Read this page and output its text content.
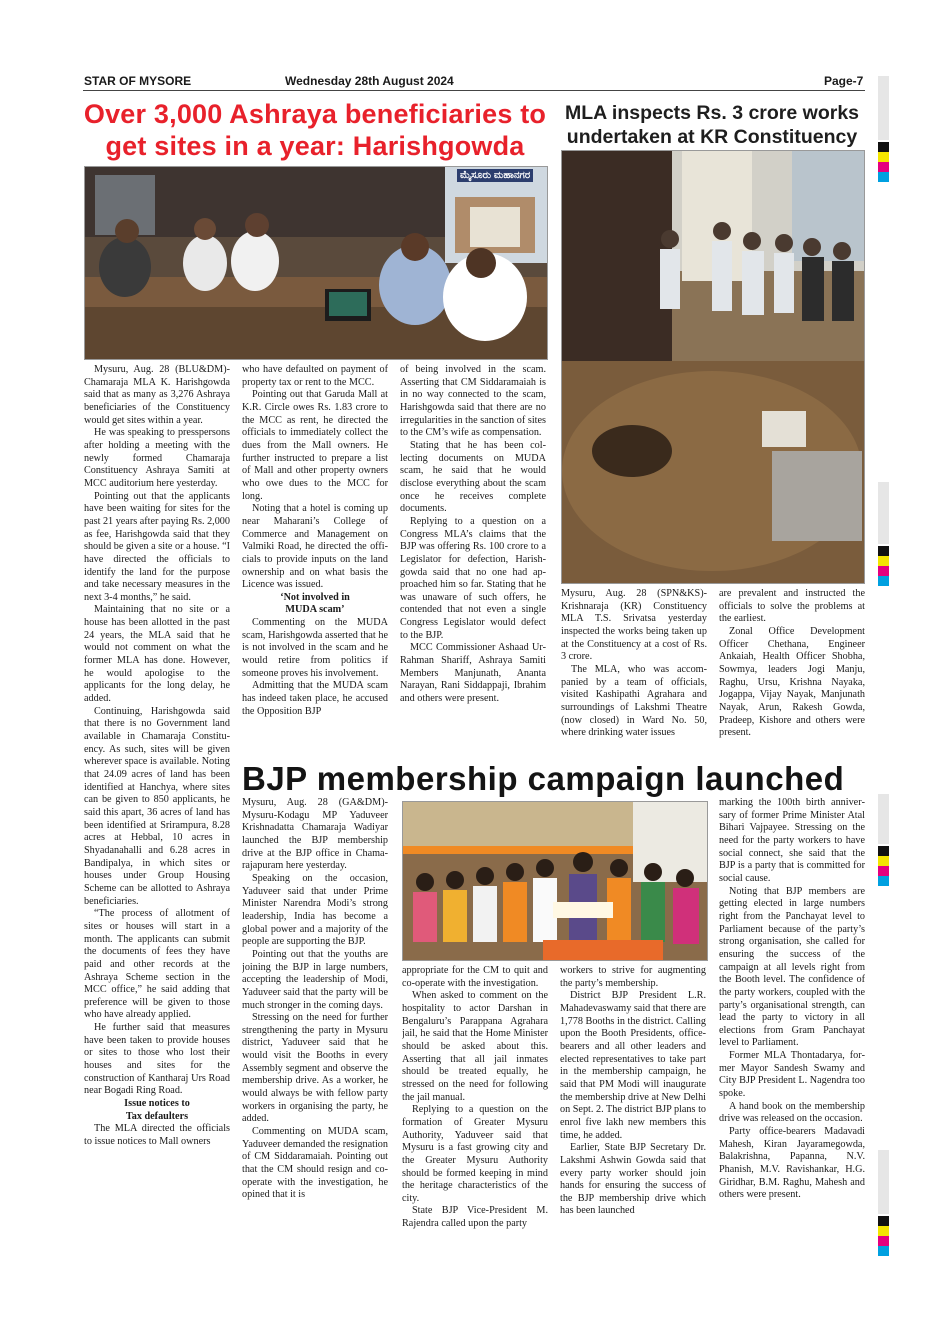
STAR OF MYSORE	Wednesday 28th August 2024	Page-7
Over 3,000 Ashraya beneficiaries to get sites in a year: Harishgowda
ಮೈಸೂರು ಮಹಾನಗರ

Mysuru, Aug. 28 (BLU&DM)- Chamaraja MLA K. Harishgowda said that as many as 3,276 Ashraya beneficiaries of the Constituency would get sites within a year.

He was speaking to presspersons after holding a meeting with the newly formed Chamaraja Constituency Ashraya Samiti at MCC auditorium here yesterday.

Pointing out that the applicants have been waiting for sites for the past 21 years after paying Rs. 2,000 as fee, Harishgowda said that they should be given a site or a house. “I have directed the officials to identify the land for the purpose and take necessary measures in the next 3-4 months,” he said.

Maintaining that no site or a house has been allotted in the past 24 years, the MLA said that he would not comment on what the former MLA has done. However, he would apologise to the applicants for the long delay, he added.

Continuing, Harishgowda said that there is no Government land available in Chamaraja Constituency. As such, sites will be given wherever space is available. Noting that 24.09 acres of land has been identified at Hanchya, where sites can be given to 850 applicants, he said this apart, 36 acres of land has been identified at Srirampura, 8.28 acres at Hebbal, 10 acres in Shyadanahalli and 6.28 acres in Bandipalya, in which sites or houses under Group Housing Scheme can be allotted to Ashraya beneficiaries.

“The process of allotment of sites or houses will start in a month. The applicants can submit the documents of fees they have paid and other records at the Ashraya Scheme section in the MCC office,” he said adding that preference will be given to those who have already applied.

He further said that measures have been taken to provide houses or sites to those who lost their houses and sites for the construction of Kantharaj Urs Road near Bogadi Ring Road.

Issue notices to

Tax defaulters

The MLA directed the officials to issue notices to Mall owners

who have defaulted on payment of property tax or rent to the MCC.

Pointing out that Garuda Mall at K.R. Circle owes Rs. 1.83 crore to the MCC as rent, he directed the officials to immediately collect the dues from the Mall owners. He further instructed to prepare a list of Mall and other property owners who owe dues to the MCC for long.

Noting that a hotel is coming up near Maharani’s College of Commerce and Management on Valmiki Road, he directed the officials to provide inputs on the land ownership and on what basis the Licence was issued.

‘Not involved in

MUDA scam’

Commenting on the MUDA scam, Harishgowda asserted that he is not involved in the scam and he would retire from politics if someone proves his involvement.

Admitting that the MUDA scam has indeed taken place, he accused the Opposition BJP

of being involved in the scam. Asserting that CM Siddaramaiah is in no way connected to the scam, Harishgowda said that there are no irregularities in the sanction of sites to the CM’s wife as compensation.

Stating that he has been collecting documents on MUDA scam, he said that he would disclose everything about the scam once he receives complete documents.

Replying to a question on a Congress MLA’s claims that the BJP was offering Rs. 100 crore to a Legislator for defection, Harishgowda said that no one had approached him so far. Stating that he was unaware of such offers, he contended that not even a single Congress Legislator would defect to the BJP.

MCC Commissioner Ashaad Ur-Rahman Shariff, Ashraya Samiti Members Manjunath, Ananta Narayan, Rani Siddappaji, Ibrahim and others were present.

MLA inspects Rs. 3 crore works undertaken at KR Constituency

Mysuru, Aug. 28 (SPN&KS)- Krishnaraja (KR) Constituency MLA T.S. Srivatsa yesterday inspected the works being taken up at the Constituency at a cost of Rs. 3 crore.

The MLA, who was accompanied by a team of officials, visited Kashipathi Agrahara and surroundings of Lakshmi Theatre (now closed) in Ward No. 50, where drinking water issues

are prevalent and instructed the officials to solve the problems at the earliest.

Zonal Office Development Officer Chethana, Engineer Ankaiah, Health Officer Shobha, Sowmya, leaders Jogi Manju, Raghu, Ursu, Krishna Nayaka, Jogappa, Vijay Nayak, Manjunath Nayak, Arun, Rakesh Gowda, Pradeep, Kishore and others were present.

BJP membership campaign launched

Mysuru, Aug. 28 (GA&DM)- Mysuru-Kodagu MP Yaduveer Krishnadatta Chamaraja Wadiyar launched the BJP membership drive at the BJP office in Chamarajapuram here yesterday.

Speaking on the occasion, Yaduveer said that under Prime Minister Narendra Modi’s strong leadership, India has become a global power and a majority of the people are supporting the BJP.

Pointing out that the youths are joining the BJP in large numbers, accepting the leadership of Modi, Yaduveer said that the party will be much stronger in the coming days.

Stressing on the need for further strengthening the party in Mysuru district, Yaduveer said that he would visit the Booths in every Assembly segment and observe the membership drive. As a worker, he would always be with fellow party workers in organising the party, he added.

Commenting on MUDA scam, Yaduveer demanded the resignation of CM Siddaramaiah. Pointing out that the CM should resign and co-operate with the investigation, he opined that it is

appropriate for the CM to quit and co-operate with the investigation.

When asked to comment on the hospitality to actor Darshan in Bengaluru’s Parappana Agrahara jail, he said that the Home Minister should be asked about this. Asserting that all jail inmates should be treated equally, he stressed on the need for following the jail manual.

Replying to a question on the formation of Greater Mysuru Authority, Yaduveer said that Mysuru is a fast growing city and the Greater Mysuru Authority should be formed keeping in mind the heritage characteristics of the city.

State BJP Vice-President M. Rajendra called upon the party

workers to strive for augmenting the party’s membership.

District BJP President L.R. Mahadevaswamy said that there are 1,778 Booths in the district. Calling upon the Booth Presidents, office-bearers and all other leaders and elected representatives to take part in the membership campaign, he said that PM Modi will inaugurate the membership drive at New Delhi on Sept. 2. The district BJP plans to enrol five lakh new members this time, he added.

Earlier, State BJP Secretary Dr. Lakshmi Ashwin Gowda said that every party worker should join hands for ensuring the success of the BJP membership drive which has been launched

marking the 100th birth anniversary of former Prime Minister Atal Bihari Vajpayee. Stressing on the need for the party workers to have social connect, she said that the BJP is a party that is committed for social cause.

Noting that BJP members are getting elected in large numbers right from the Panchayat level to Parliament because of the party’s strong organisation, she called for ensuring the success of the campaign at all levels right from the Booth level. The confidence of the party workers, coupled with the party’s organisational strength, can lead the party to victory in all elections from Gram Panchayat level to Parliament.

Former MLA Thontadarya, former Mayor Sandesh Swamy and City BJP President L. Nagendra too spoke.

A hand book on the membership drive was released on the occasion.

Party office-bearers Madavadi Mahesh, Kiran Jayaramegowda, Balakrishna, Papanna, N.V. Phanish, M.V. Ravishankar, H.G. Giridhar, B.M. Raghu, Mahesh and others were present.
